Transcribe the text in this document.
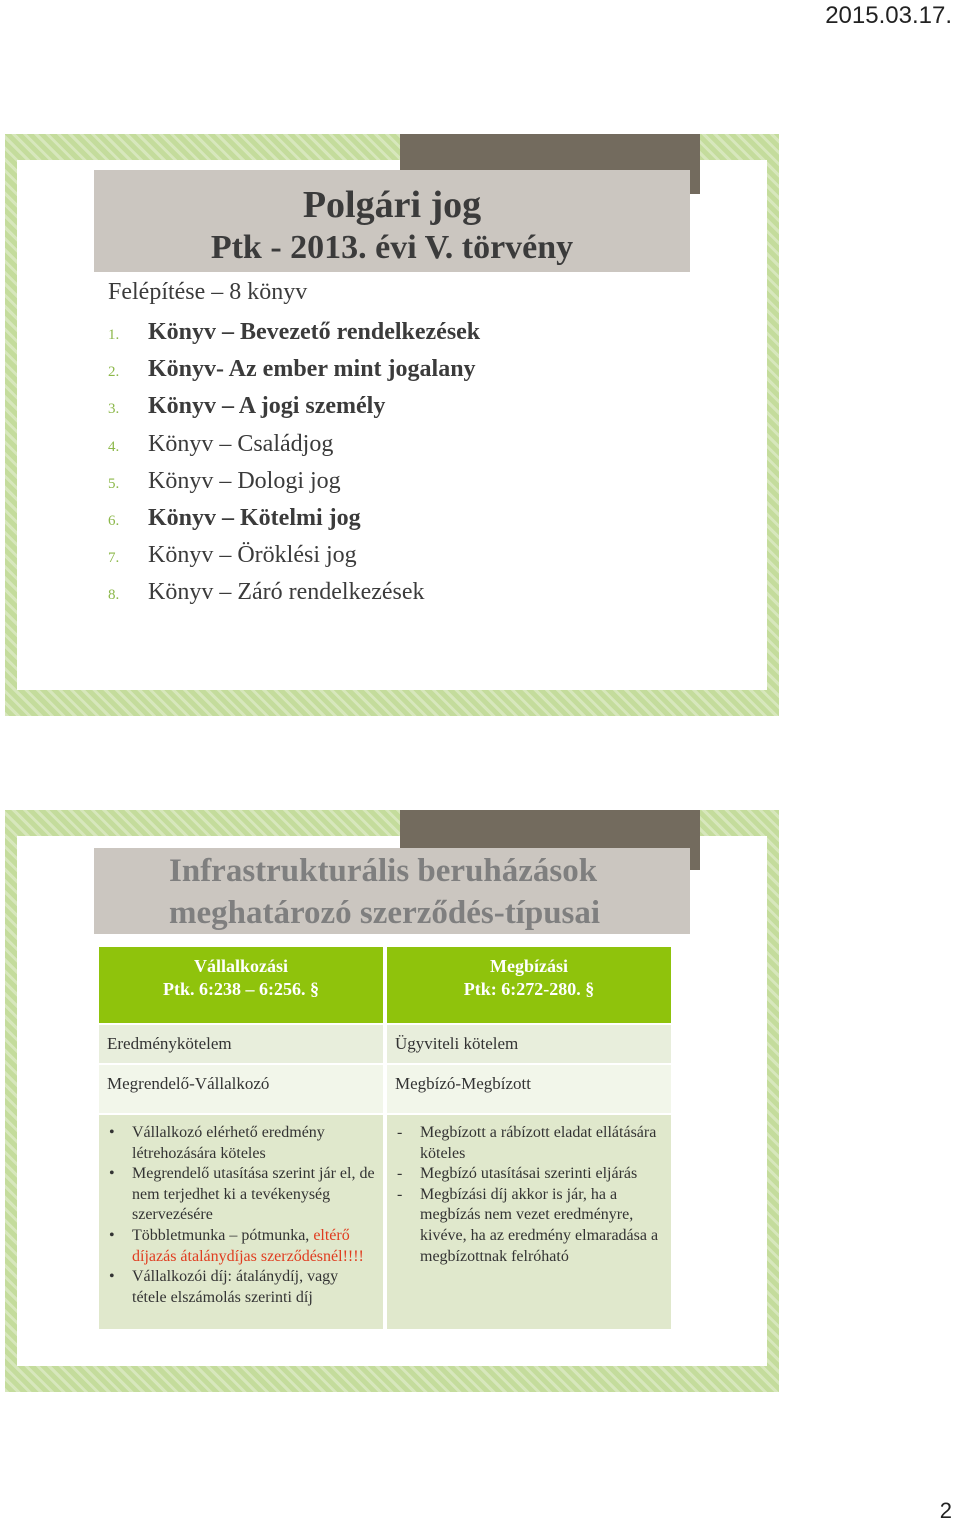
2015.03.17.
Polgári jog
Ptk - 2013. évi V. törvény
Felépítése – 8 könyv
1. Könyv – Bevezető rendelkezések
2. Könyv- Az ember mint jogalany
3. Könyv – A jogi személy
4. Könyv – Családjog
5. Könyv – Dologi jog
6. Könyv – Kötelmi jog
7. Könyv – Öröklési jog
8. Könyv – Záró rendelkezések
Infrastrukturális beruházások
meghatározó szerződés-típusai
Vállalkozási
Ptk. 6:238 – 6:256. §
Megbízási
Ptk: 6:272-280. §
Eredménykötelem	Ügyviteli kötelem
Megrendelő-Vállalkozó	Megbízó-Megbízott
• Vállalkozó elérhető eredmény létrehozására köteles
• Megrendelő utasítása szerint jár el, de nem terjedhet ki a tevékenység szervezésére
• Többletmunka – pótmunka, eltérő díjazás átalánydíjas szerződésnél!!!!
• Vállalkozói díj: átalánydíj, vagy tétele elszámolás szerinti díj
- Megbízott a rábízott eladat ellátására köteles
- Megbízó utasításai szerinti eljárás
- Megbízási díj akkor is jár, ha a megbízás nem vezet eredményre, kivéve, ha az eredmény elmaradása a megbízottnak felróható
2
